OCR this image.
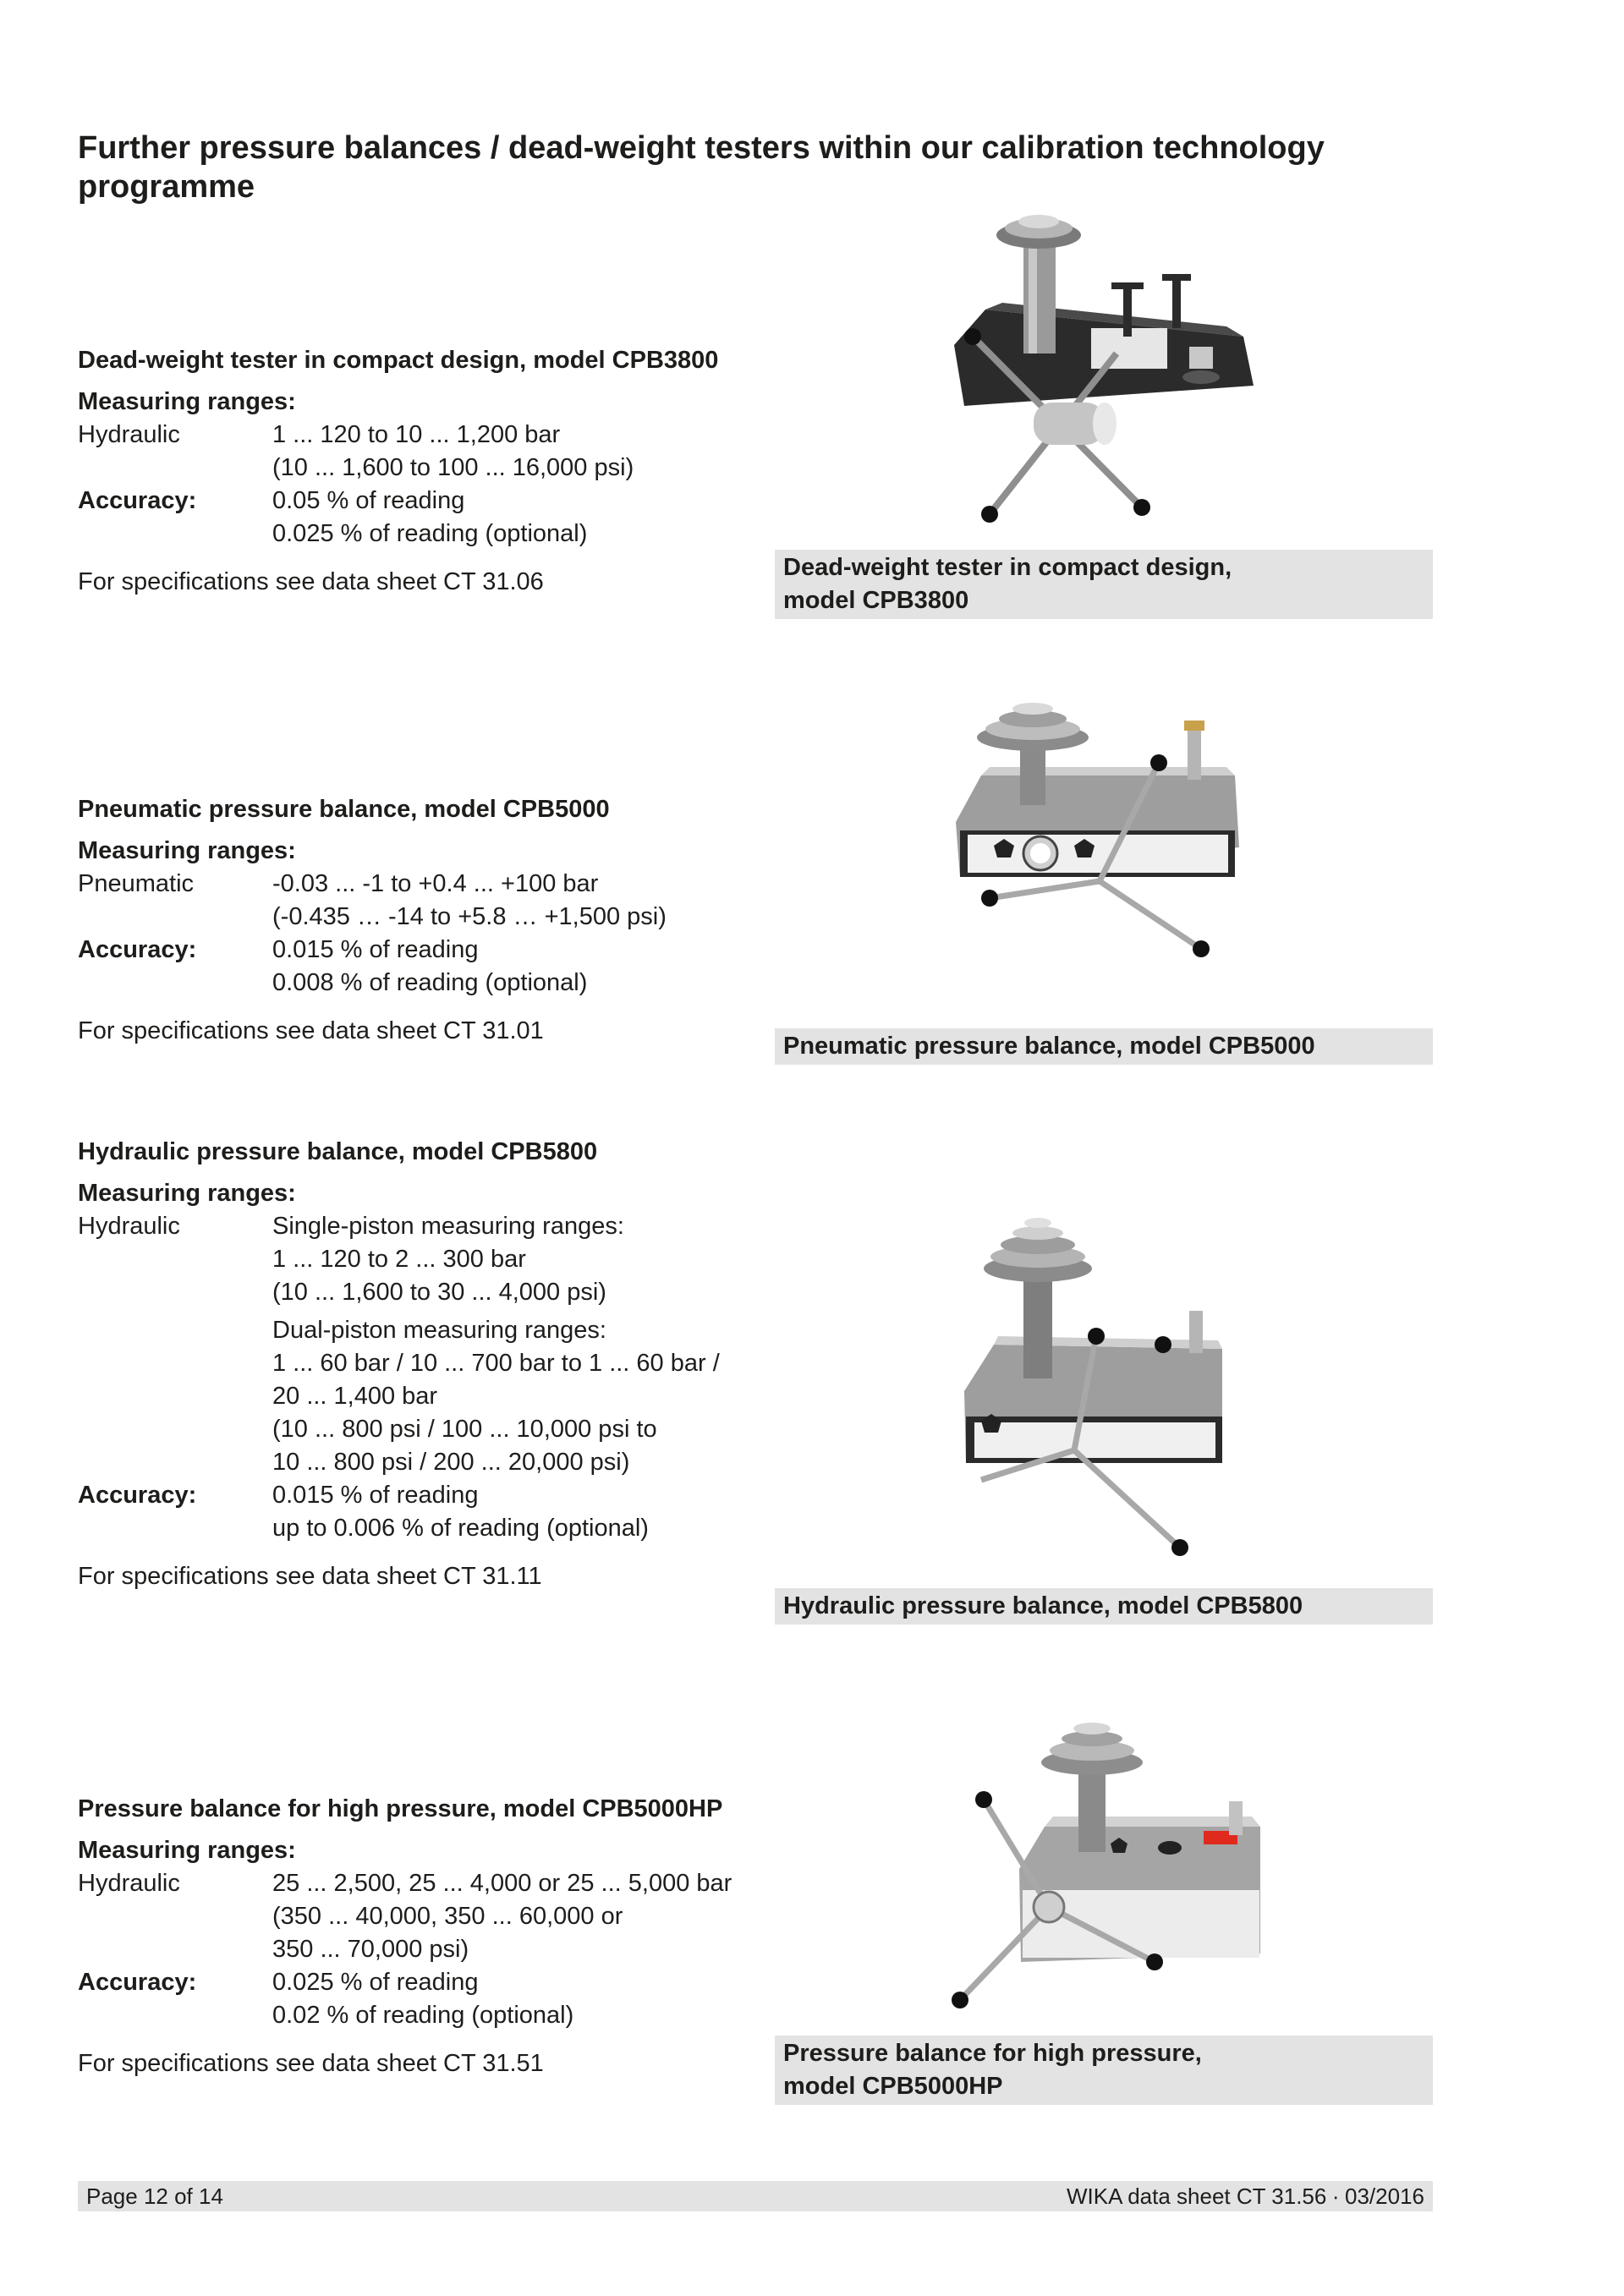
Further pressure balances / dead-weight testers within our calibration technology programme
Dead-weight tester in compact design, model CPB3800
Measuring ranges:
Hydraulic	1 ... 120 to 10 ... 1,200 bar
(10 ... 1,600 to 100 ... 16,000 psi)
Accuracy:	0.05 % of reading
0.025 % of reading (optional)
For specifications see data sheet CT 31.06
Dead-weight tester in compact design,
model CPB3800
Pneumatic pressure balance, model CPB5000
Measuring ranges:
Pneumatic	-0.03 ... -1 to +0.4 ... +100 bar
(-0.435 … -14 to +5.8 … +1,500 psi)
Accuracy:	0.015 % of reading
0.008 % of reading (optional)
For specifications see data sheet CT 31.01
Pneumatic pressure balance, model CPB5000
Hydraulic pressure balance, model CPB5800
Measuring ranges:
Hydraulic	Single-piston measuring ranges:
1 ... 120 to 2 ... 300 bar
(10 ... 1,600 to 30 ... 4,000 psi)
Dual-piston measuring ranges:
1 ... 60 bar / 10 ... 700 bar to 1 ... 60 bar /
20 ... 1,400 bar
(10 ... 800 psi / 100 ... 10,000 psi to
10 ... 800 psi / 200 ... 20,000 psi)
Accuracy:	0.015 % of reading
up to 0.006 % of reading (optional)
For specifications see data sheet CT 31.11
Hydraulic pressure balance, model CPB5800
Pressure balance for high pressure, model CPB5000HP
Measuring ranges:
Hydraulic	25 ... 2,500, 25 ... 4,000 or 25 ... 5,000 bar
(350 ... 40,000, 350 ... 60,000 or
350 ... 70,000 psi)
Accuracy:	0.025 % of reading
0.02 % of reading (optional)
For specifications see data sheet CT 31.51	Pressure balance for high pressure,
model CPB5000HP
Page 12 of 14	WIKA data sheet CT 31.56 ∙ 03/2016
